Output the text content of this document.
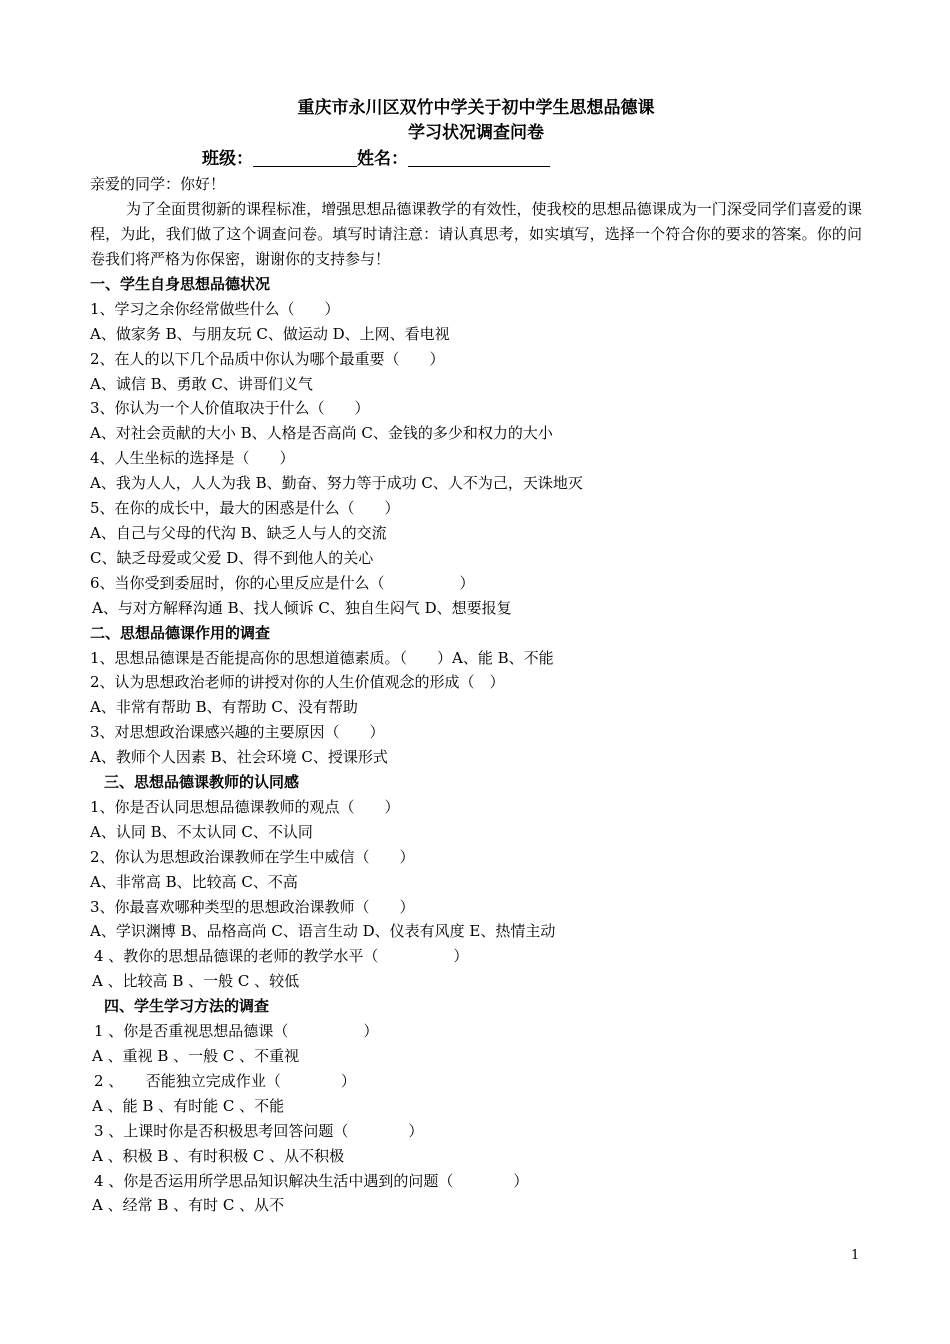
重庆市永川区双竹中学关于初中学生思想品德课
学习状况调查问卷
班级：	姓名：
亲爱的同学：你好！
为了全面贯彻新的课程标准，增强思想品德课教学的有效性，使我校的思想品德课成为一门深受同学们喜爱的课程，为此，我们做了这个调查问卷。填写时请注意：请认真思考，如实填写，选择一个符合你的要求的答案。你的问卷我们将严格为你保密，谢谢你的支持参与！
一、学生自身思想品德状况
1、学习之余你经常做些什么（　　）
A、做家务 B、与朋友玩 C、做运动 D、上网、看电视
2、在人的以下几个品质中你认为哪个最重要（　　）
A、诚信 B、勇敢 C、讲哥们义气
3、你认为一个人价值取决于什么（　　）
A、对社会贡献的大小 B、人格是否高尚 C、金钱的多少和权力的大小
4、人生坐标的选择是（　　）
A、我为人人，人人为我 B、勤奋、努力等于成功 C、人不为己，天诛地灭
5、在你的成长中，最大的困惑是什么（　　）
A、自己与父母的代沟 B、缺乏人与人的交流
C、缺乏母爱或父爱 D、得不到他人的关心
6、当你受到委屈时，你的心里反应是什么（　　　　　）
A、与对方解释沟通 B、找人倾诉 C、独自生闷气 D、想要报复
二、思想品德课作用的调查
1、思想品德课是否能提高你的思想道德素质。（　　）A、能 B、不能
2、认为思想政治老师的讲授对你的人生价值观念的形成（　）
A、非常有帮助 B、有帮助 C、没有帮助
3、对思想政治课感兴趣的主要原因（　　）
A、教师个人因素 B、社会环境 C、授课形式
三、思想品德课教师的认同感
1、你是否认同思想品德课教师的观点（　　）
A、认同 B、不太认同 C、不认同
2、你认为思想政治课教师在学生中威信（　　）
A、非常高 B、比较高 C、不高
3、你最喜欢哪种类型的思想政治课教师（　　）
A、学识渊博 B、品格高尚 C、语言生动 D、仪表有风度 E、热情主动
4 、教你的思想品德课的老师的教学水平（　　　　　）
A 、比较高 B 、一般 C 、较低
四、学生学习方法的调查
1 、你是否重视思想品德课（　　　　　）
A 、重视 B 、一般 C 、不重视
2 、　　否能独立完成作业（　　　　）
A 、能 B 、有时能 C 、不能
3 、上课时你是否积极思考回答问题（　　　　）
A 、积极 B 、有时积极 C 、从不积极
4 、你是否运用所学思品知识解决生活中遇到的问题（　　　　）
A 、经常 B 、有时 C 、从不
1
